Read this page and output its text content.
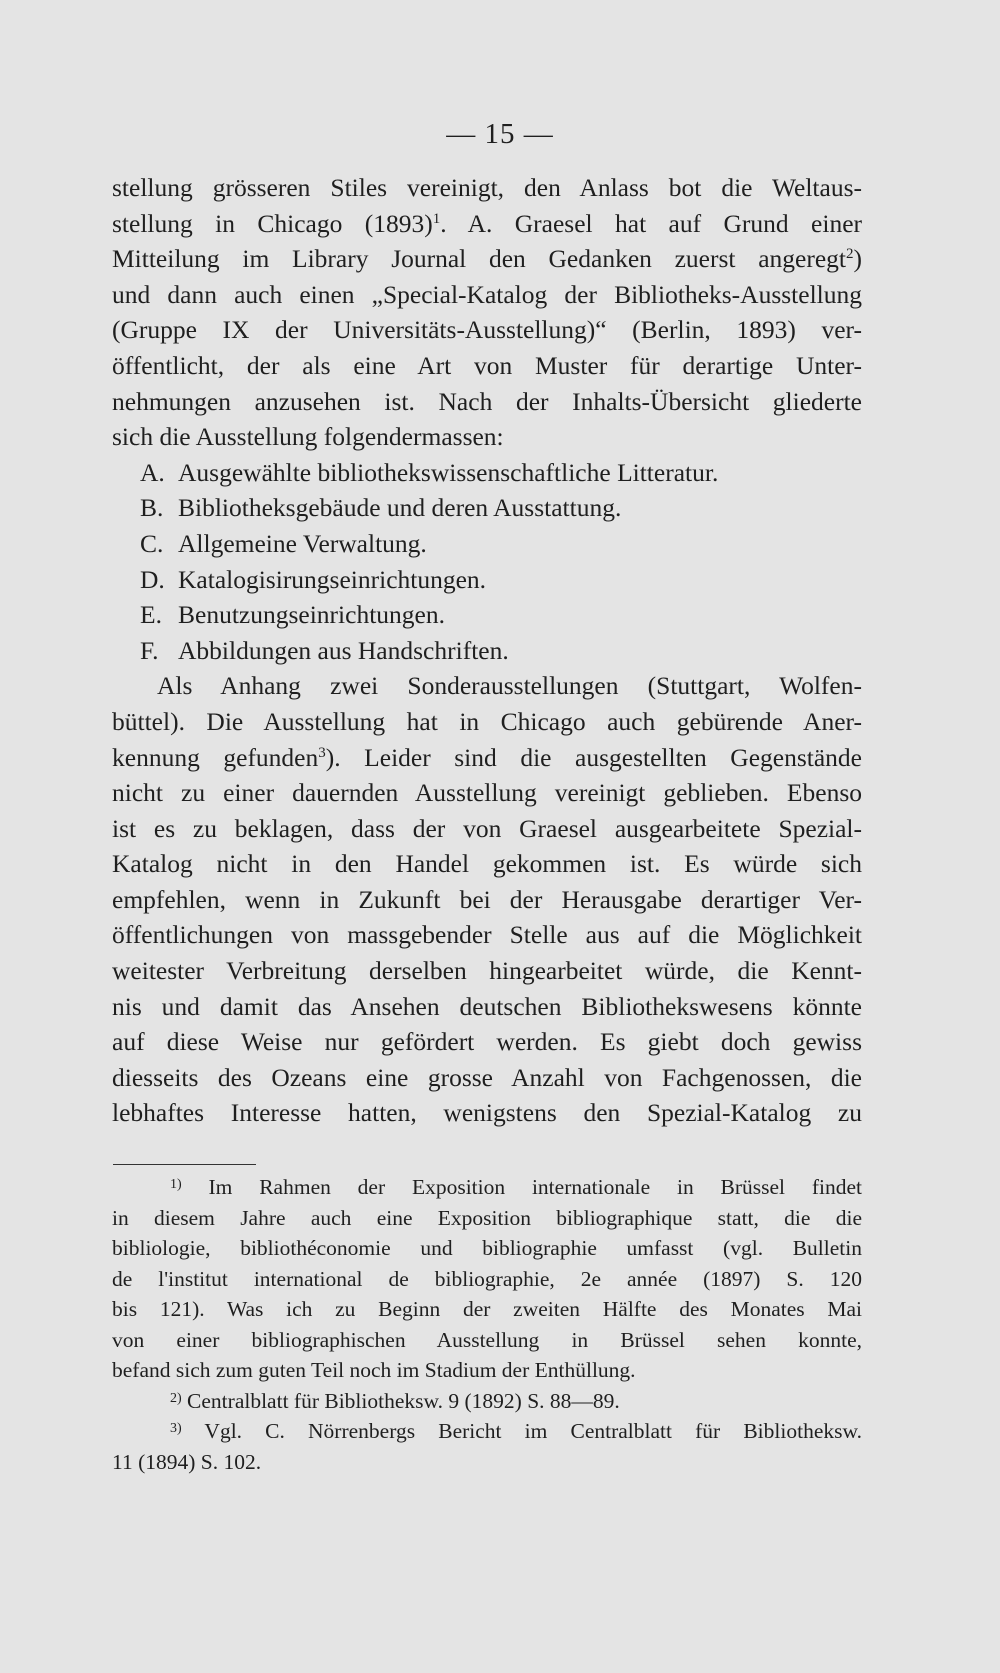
— 15 —
stellung grösseren Stiles vereinigt, den Anlass bot die Weltaus-
stellung in Chicago $(1893)^1$. A. Graesel hat auf Grund einer
Mitteilung im Library Journal den Gedanken zuerst angeregt$^2$)
und dann auch einen „Special-Katalog der Bibliotheks-Ausstellung
(Gruppe IX der Universitäts-Ausstellung)“ (Berlin, 1893) ver-
öffentlicht, der als eine Art von Muster für derartige Unter-
nehmungen anzusehen ist. Nach der Inhalts-Übersicht gliederte
sich die Ausstellung folgendermassen:
A. Ausgewählte bibliothekswissenschaftliche Litteratur.
B. Bibliotheksgebäude und deren Ausstattung.
C. Allgemeine Verwaltung.
D. Katalogisirungseinrichtungen.
E. Benutzungseinrichtungen.
F. Abbildungen aus Handschriften.
Als Anhang zwei Sonderausstellungen (Stuttgart, Wolfen-
büttel). Die Ausstellung hat in Chicago auch gebürende Aner-
kennung gefunden$^3$). Leider sind die ausgestellten Gegenstände
nicht zu einer dauernden Ausstellung vereinigt geblieben. Ebenso
ist es zu beklagen, dass der von Graesel ausgearbeitete Spezial-
Katalog nicht in den Handel gekommen ist. Es würde sich
empfehlen, wenn in Zukunft bei der Herausgabe derartiger Ver-
öffentlichungen von massgebender Stelle aus auf die Möglichkeit
weitester Verbreitung derselben hingearbeitet würde, die Kennt-
nis und damit das Ansehen deutschen Bibliothekswesens könnte
auf diese Weise nur gefördert werden. Es giebt doch gewiss
diesseits des Ozeans eine grosse Anzahl von Fachgenossen, die
lebhaftes Interesse hatten, wenigstens den Spezial-Katalog zu
$^{1)}$ Im Rahmen der Exposition internationale in Brüssel findet
in diesem Jahre auch eine Exposition bibliographique statt, die die
bibliologie, bibliothéconomie und bibliographie umfasst (vgl. Bulletin
de l'institut international de bibliographie, 2e année (1897) S. 120
bis 121). Was ich zu Beginn der zweiten Hälfte des Monates Mai
von einer bibliographischen Ausstellung in Brüssel sehen konnte,
befand sich zum guten Teil noch im Stadium der Enthüllung.
$^{2)}$ Centralblatt für Bibliotheksw. 9 (1892) S. 88—89.
$^{3)}$ Vgl. C. Nörrenbergs Bericht im Centralblatt für Bibliotheksw.
11 (1894) S. 102.
